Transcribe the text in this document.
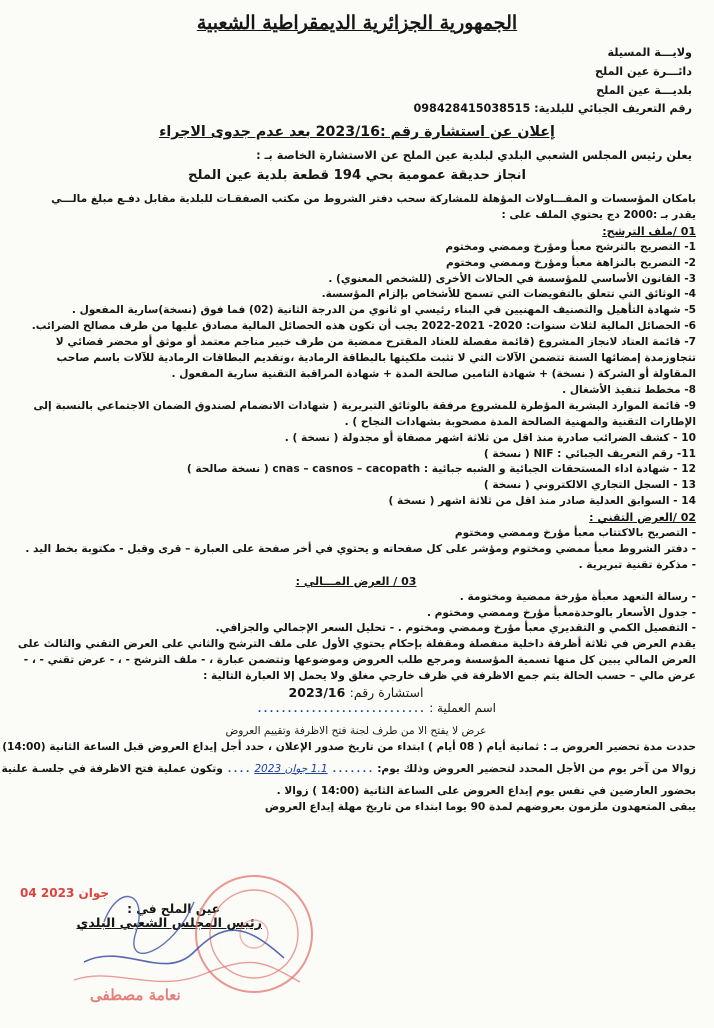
الجمهورية الجزائرية الديمقراطية الشعبية
ولايـــة المسيلة
دائـــرة عين الملح
بلديـــة عين الملح
رقم التعريف الجبائي للبلدية: 098428415038515
إعلان عن استشارة رقم :2023/16 بعد عدم جدوى الاجراء
يعلن رئيس المجلس الشعبي البلدي لبلدية عين الملح عن الاستشارة الخاصة بـ :
انجاز حديقة عمومية بحي 194 قطعة بلدية عين الملح

بامكان المؤسسات و المقـــاولات المؤهلة للمشاركة سحب دفتر الشروط من مكتب الصفقـات للبلدية مقابل دفـع مبلغ مالـــي

يقدر بـ :2000 دج يحتوي الملف على :

01 /ملف الترشح:

1- التصريح بالترشح معبأ ومؤرخ وممضي ومختوم

2- التصريح بالنزاهة معبأ ومؤرخ وممضي ومختوم

3- القانون الأساسي للمؤسسة في الحالات الأخرى (للشخص المعنوي) .

4- الوثائق التي تتعلق بالتفويضات التي تسمح للأشخاص بإلزام المؤسسة.

5- شهادة التأهيل والتصنيف المهنيين في البناء رئيسي او ثانوي من الدرجة الثانية (02) فما فوق (نسخة)سارية المفعول .

6- الحصائل المالية لثلاث سنوات: 2020- 2021-2022 يجب أن تكون هذه الحصائل المالية مصادق عليها من طرف مصالح الضرائب.

7- قائمة العتاد لانجاز المشروع (قائمة مفصلة للعتاد المقترح ممضية من طرف خبير مناجم معتمد أو موثق أو محضر قضائي لا تتجاوزمدة إمضائها السنة تتضمن الآلات التي لا تثبت ملكيتها بالبطاقة الرمادية ،وتقديم البطاقات الرمادية للآلات باسم صاحب المقاولة أو الشركة ( نسخة) + شهادة التامين صالحة المدة + شهادة المراقبة التقنية سارية المفعول .

8- مخطط تنفيذ الأشغال .

9- قائمة الموارد البشرية المؤطرة للمشروع مرفقة بالوثائق التبريرية ( شهادات الانضمام لصندوق الضمان الاجتماعي بالنسبة إلى الإطارات التقنية والمهنية الصالحة المدة مصحوبة بشهادات النجاح ) .

10 - كشف الضرائب صادرة منذ اقل من ثلاثة اشهر مصفاة أو مجدولة ( نسخة ) .

11- رقم التعريف الجبائي : NIF ( نسخة )

12 - شهادة اداء المستحقات الجبائية و الشبه جبائية : cnas – casnos – cacopath ( نسخة صالحة )

13 - السجل التجاري الالكتروني ( نسخة )

14 - السوابق العدلية صادر منذ اقل من ثلاثة اشهر ( نسخة )

02 /العرض التقني :

- التصريح بالاكتتاب معبأ مؤرخ وممضي ومختوم

- دفتر الشروط معبأ ممضي ومختوم ومؤشر على كل صفحاته و يحتوي في أخر صفحة على العبارة – قرى وقبل - مكتوبة بخط اليد .

- مذكرة تقنية تبريرية .

03 / العرض المـــالي :

- رسالة التعهد معبأة مؤرخة ممضية ومختومة .

- جدول الأسعار بالوحدةمعبأ مؤرخ وممضي ومختوم .

- التفصيل الكمي و التقديري معبأ مؤرخ وممضي ومختوم . - تحليل السعر الإجمالي والجزافي.

يقدم العرض في ثلاثة أظرفة داخلية منفصلة ومقفلة بإحكام يحتوي الأول على ملف الترشح والثاني على العرض التقني والثالث على العرض المالي يبين كل منها تسمية المؤسسة ومرجع طلب العروض وموضوعها وتتضمن عبارة ، - ملف الترشح - ، - عرض تقني - ، - عرض مالي – حسب الحالة يتم جمع الاظرفة في ظرف خارجي مغلق ولا يحمل إلا العبارة التالية :

استشارة رقم: 2023/16

اسم العملية : ............................

عرض لا يفتح الا من طرف لجنة فتح الاظرفة وتقييم العروض

حددت مدة تحضير العروض بـ : ثمانية أيام ( 08 أيام ) ابتداء من تاريخ صدور الإعلان ، حدد أجل إيداع العروض قبل الساعة الثانية (14:00)

زوالا من آخر يوم من الأجل المحدد لتحضير العروض وذلك يوم: ....... 1.1 جوان 2023 .... وتكون عملية فتح الاظرفة في جلسـة علنية

بحضور العارضين في نفس يوم إيداع العروض على الساعة الثانية (14:00 ) زوالا .

يبقى المتعهدون ملزمون بعروضهم لمدة 90 يوما ابتداء من تاريخ مهلة إيداع العروض

04 جوان 2023
عين الملح في :
رئيس المجلس الشعبي البلدي
نعامة مصطفى
